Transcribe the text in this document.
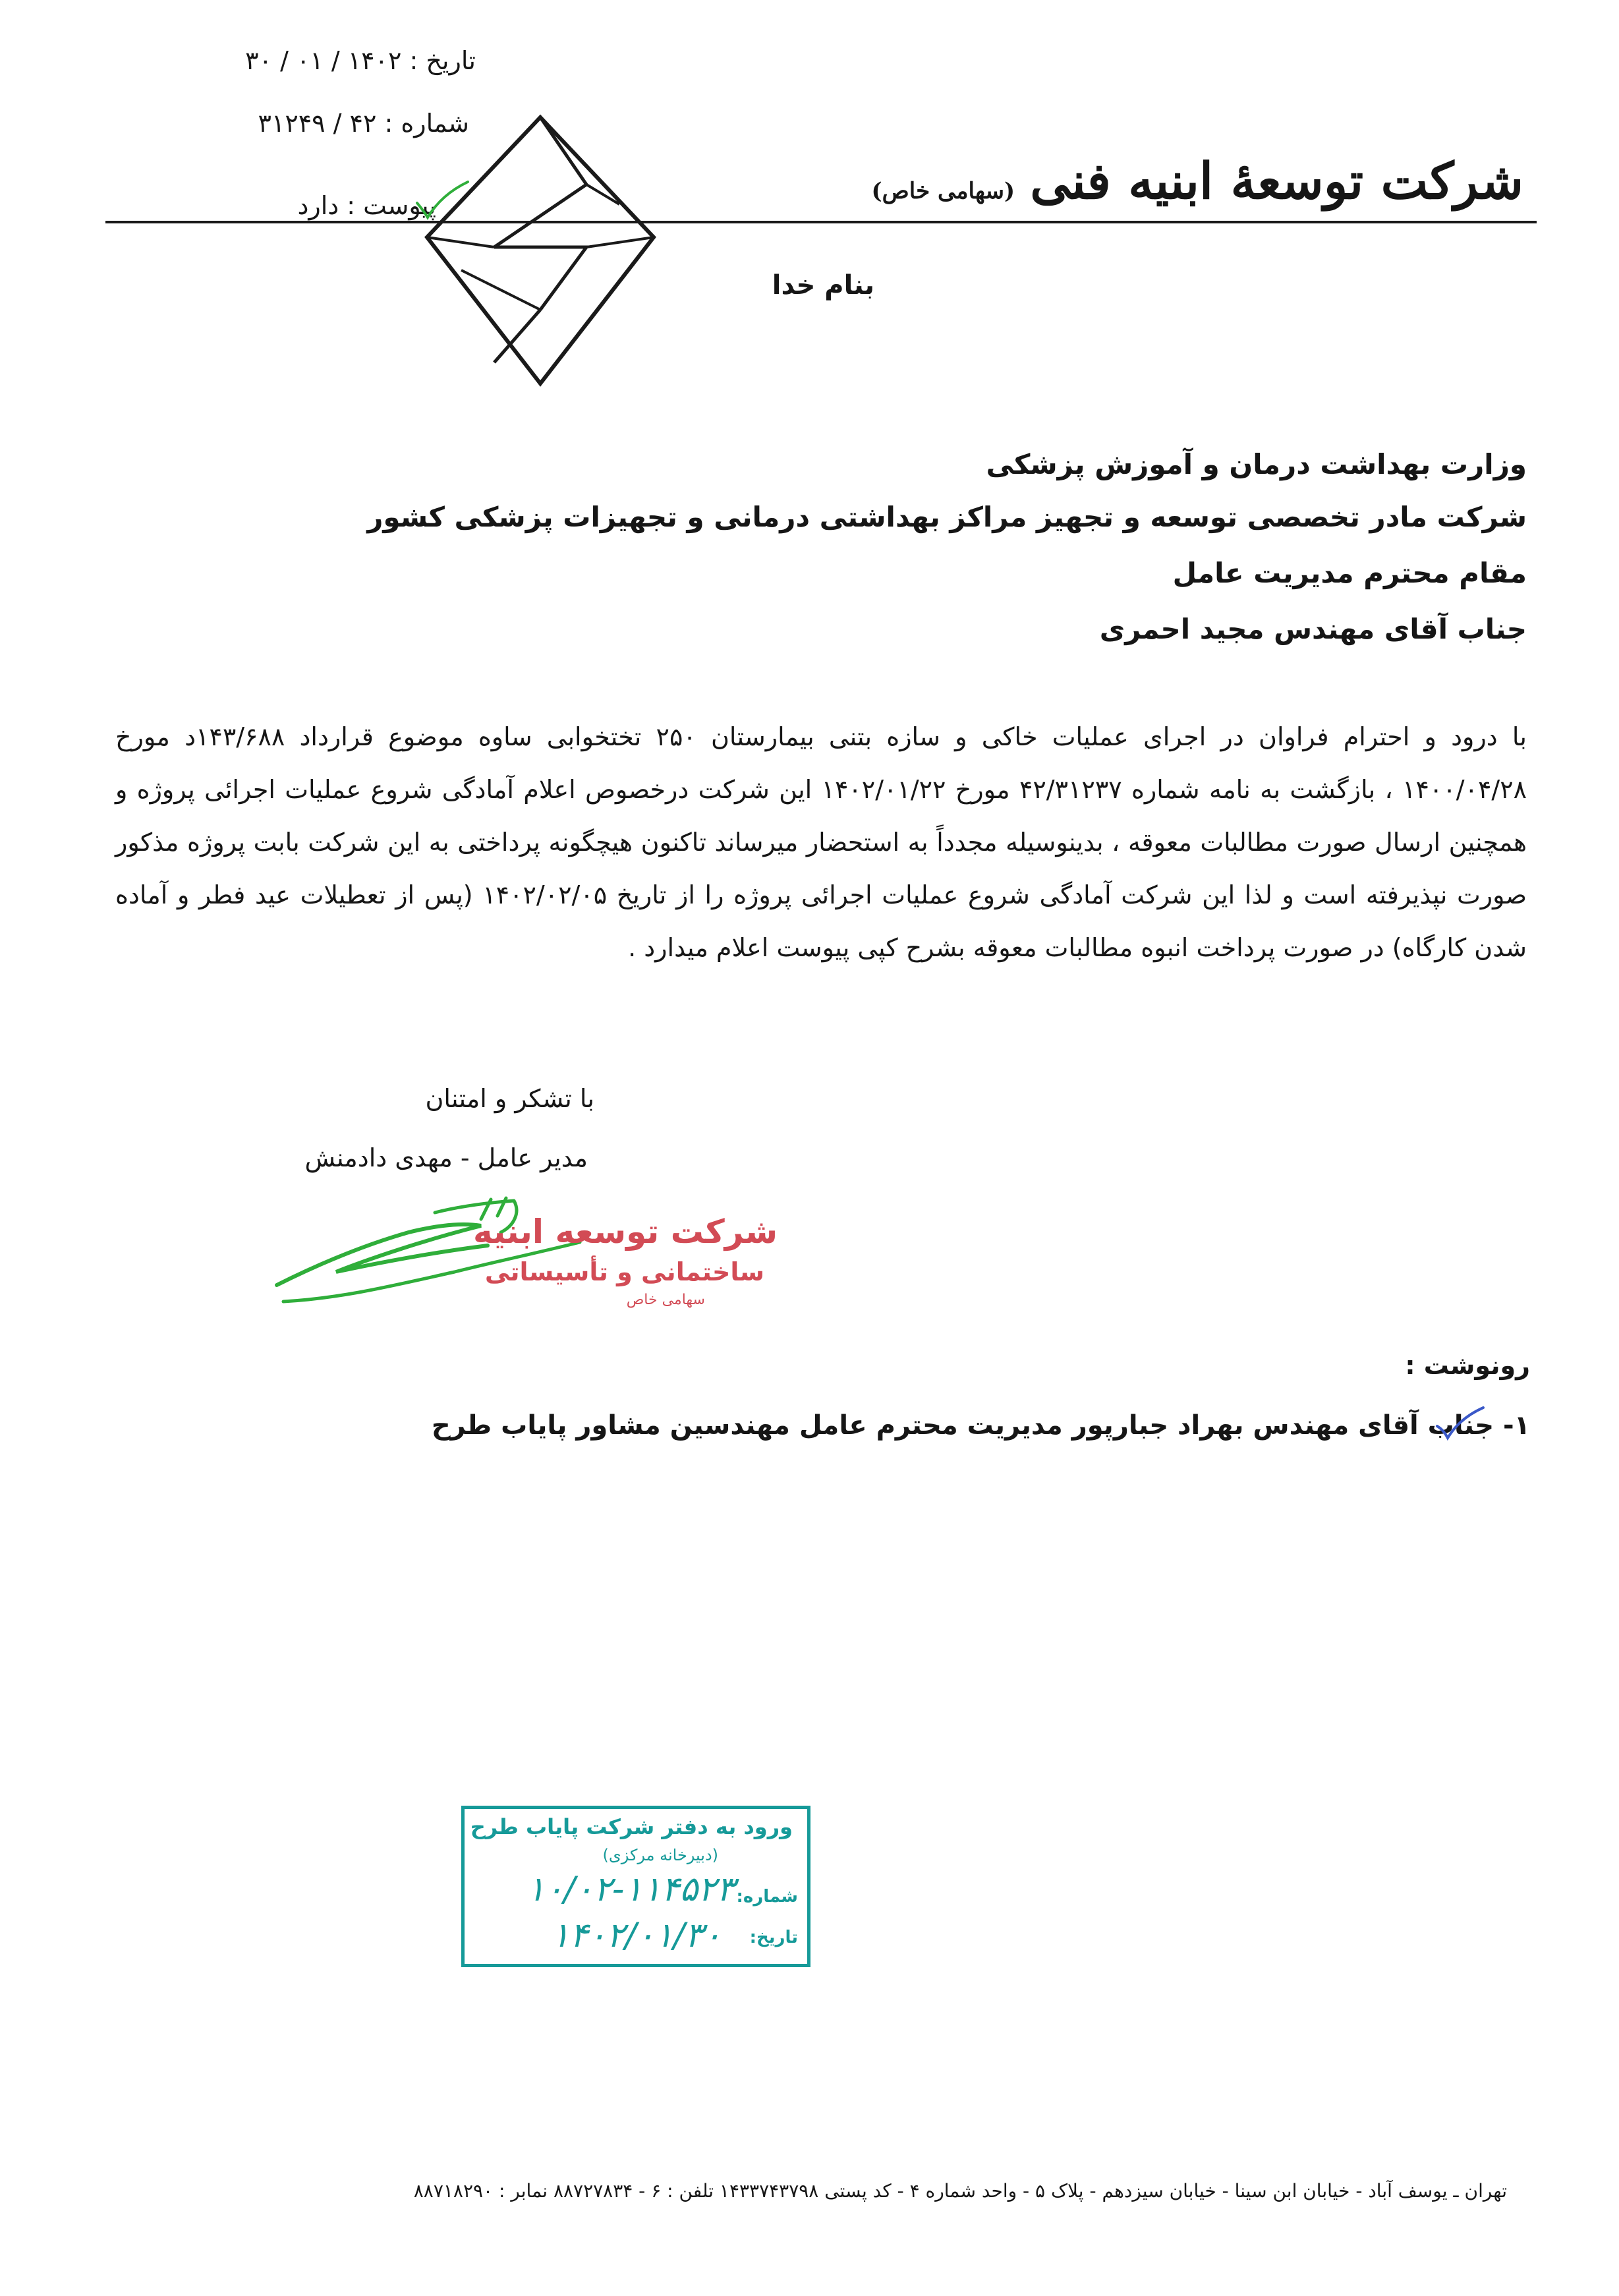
تاریخ : ۱۴۰۲ / ۰۱ / ۳۰
شماره : ۴۲ / ۳۱۲۴۹
پیوست : دارد	شرکت توسعهٔ ابنیه فنی (سهامی خاص)
بنام خدا
وزارت بهداشت درمان و آموزش پزشکی
شرکت مادر تخصصی توسعه و تجهیز مراکز بهداشتی درمانی و تجهیزات پزشکی کشور
مقام محترم مدیریت عامل
جناب آقای مهندس مجید احمری
با درود و احترام فراوان در اجرای عملیات خاکی و سازه بتنی بیمارستان ۲۵۰ تختخوابی ساوه موضوع قرارداد ۱۴۳/۶۸۸د مورخ ۱۴۰۰/۰۴/۲۸ ، بازگشت به نامه شماره ۴۲/۳۱۲۳۷ مورخ ۱۴۰۲/۰۱/۲۲ این شرکت درخصوص اعلام آمادگی شروع عملیات اجرائی پروژه و همچنین ارسال صورت مطالبات معوقه ، بدینوسیله مجدداً به استحضار میرساند تاکنون هیچگونه پرداختی به این شرکت بابت پروژه مذکور صورت نپذیرفته است و لذا این شرکت آمادگی شروع عملیات اجرائی پروژه را از تاریخ ۱۴۰۲/۰۲/۰۵ (پس از تعطیلات عید فطر و آماده شدن کارگاه) در صورت پرداخت انبوه مطالبات معوقه بشرح کپی پیوست اعلام میدارد .
با تشکر و امتنان
مدیر عامل - مهدی دادمنش
شرکت توسعه ابنیه
ساختمانی و تأسیساتی
سهامی خاص
رونوشت :
۱- جناب آقای مهندس بهراد جبارپور مدیریت محترم عامل مهندسین مشاور پایاب طرح
ورود به دفتر شرکت پایاب طرح
(دبیرخانه مرکزی)
شماره:
۱۰/۰۲-۱۱۴۵۲۳
تاریخ:
۱۴۰۲/۰۱/۳۰
تهران ـ یوسف آباد - خیابان ابن سینا - خیابان سیزدهم - پلاک ۵ - واحد شماره ۴ - کد پستی ۱۴۳۳۷۴۳۷۹۸ تلفن : ۶ - ۸۸۷۲۷۸۳۴ نمابر : ۸۸۷۱۸۲۹۰
